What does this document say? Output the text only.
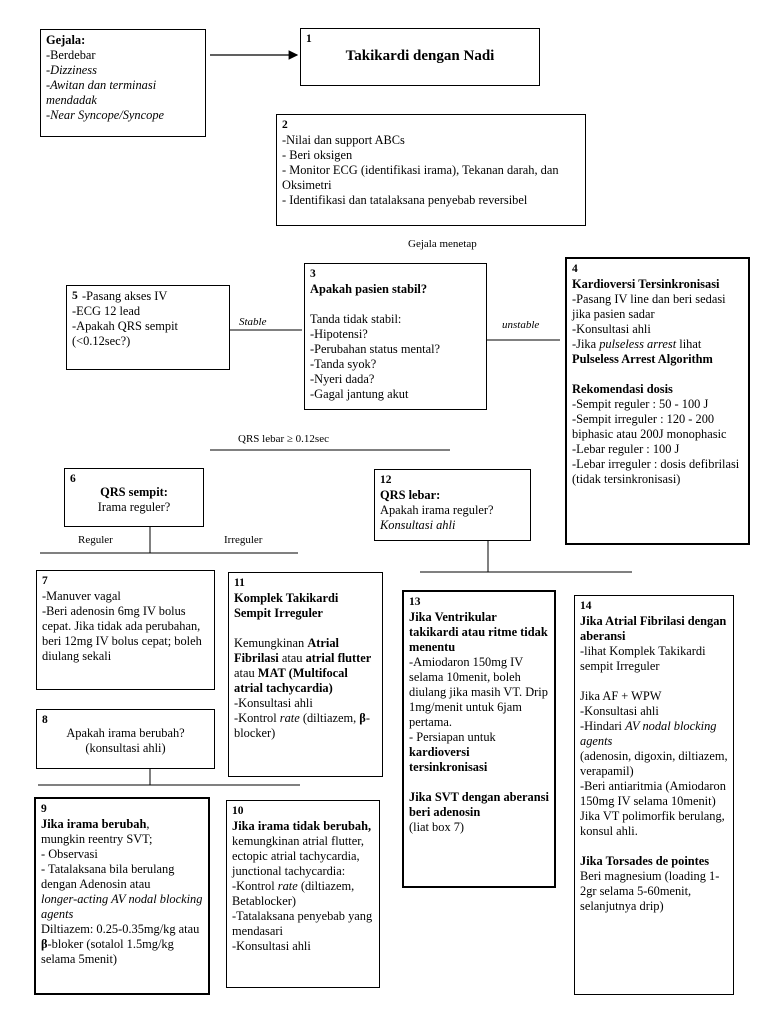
Gejala:
-Berdebar
-Dizziness
-Awitan dan terminasi mendadak
-Near Syncope/Syncope
1
Takikardi dengan Nadi
2
-Nilai dan support ABCs
- Beri oksigen
- Monitor ECG (identifikasi irama), Tekanan darah, dan Oksimetri
- Identifikasi dan tatalaksana penyebab reversibel
Gejala menetap
3
Apakah pasien stabil?
Tanda tidak stabil:
-Hipotensi?
-Perubahan status mental?
-Tanda syok?
-Nyeri dada?
-Gagal jantung akut
Stable	unstable
4
Kardioversi Tersinkronisasi
-Pasang IV line dan beri sedasi jika pasien sadar
-Konsultasi ahli
-Jika pulseless arrest lihat
Pulseless Arrest Algorithm
Rekomendasi dosis
-Sempit reguler : 50 - 100 J
-Sempit irreguler : 120 - 200 biphasic atau 200J monophasic
-Lebar reguler : 100 J
-Lebar irreguler : dosis defibrilasi (tidak tersinkronisasi)
5 -Pasang akses IV
-ECG 12 lead
-Apakah QRS sempit (<0.12sec?)
QRS lebar ≥ 0.12sec
6
QRS sempit:
Irama reguler?
Reguler	Irreguler
12
QRS lebar:
Apakah irama reguler?
Konsultasi ahli
7
-Manuver vagal
-Beri adenosin 6mg IV bolus cepat. Jika tidak ada perubahan, beri 12mg IV bolus cepat; boleh diulang sekali
11
Komplek Takikardi Sempit Irreguler
Kemungkinan Atrial Fibrilasi atau atrial flutter atau MAT (Multifocal atrial tachycardia)
-Konsultasi ahli
-Kontrol rate (diltiazem, β-blocker)
13
Jika Ventrikular takikardi atau ritme tidak menentu
-Amiodaron 150mg IV selama 10menit, boleh diulang jika masih VT. Drip 1mg/menit untuk 6jam pertama.
- Persiapan untuk
kardioversi tersinkronisasi
Jika SVT dengan aberansi beri adenosin
(liat box 7)
14
Jika Atrial Fibrilasi dengan aberansi
-lihat Komplek Takikardi sempit Irreguler
Jika AF + WPW
-Konsultasi ahli
-Hindari AV nodal blocking agents
(adenosin, digoxin, diltiazem, verapamil)
-Beri antiaritmia (Amiodaron 150mg IV selama 10menit)
Jika VT polimorfik berulang, konsul ahli.
Jika Torsades de pointes
Beri magnesium (loading 1-2gr selama 5-60menit, selanjutnya drip)
8
Apakah irama berubah?
(konsultasi ahli)
9
Jika irama berubah,
mungkin reentry SVT;
- Observasi
- Tatalaksana bila berulang dengan Adenosin atau
longer-acting AV nodal blocking agents
Diltiazem: 0.25-0.35mg/kg atau β-bloker (sotalol 1.5mg/kg selama 5menit)
10
Jika irama tidak berubah, kemungkinan atrial flutter, ectopic atrial tachycardia, junctional tachycardia:
-Kontrol rate (diltiazem, Betablocker)
-Tatalaksana penyebab yang mendasari
-Konsultasi ahli
